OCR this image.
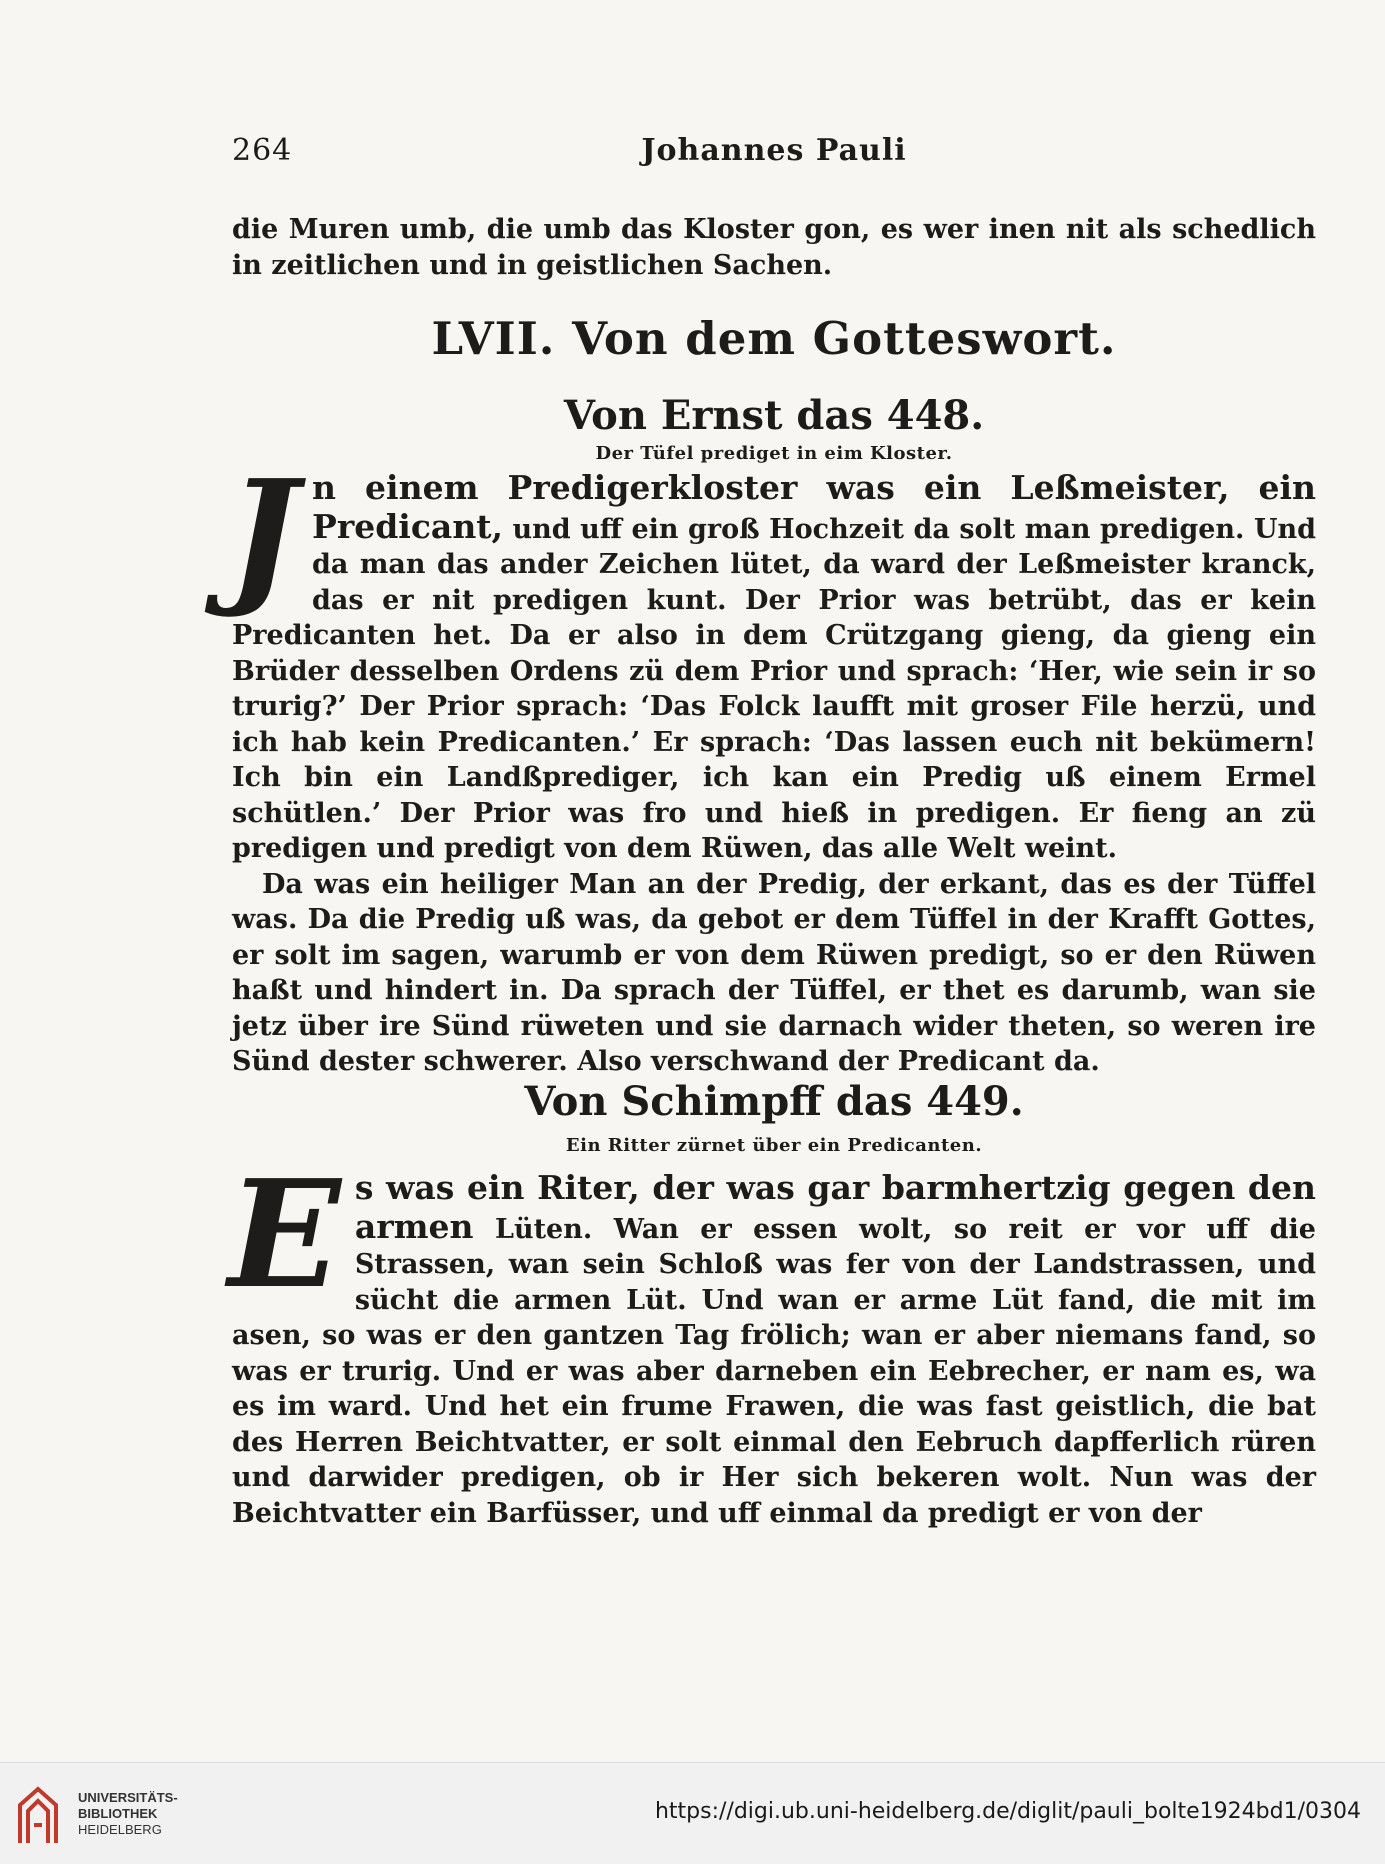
264	Johannes Pauli

die Muren umb, die umb das Kloster gon, es wer inen nit als schedlich in zeitlichen und in geistlichen Sachen.

LVII. Von dem Gotteswort.
Von Ernst das 448.
Der Tüfel prediget in eim Kloster.

J n einem Predigerkloster was ein Leßmeister, ein Predicant, und uff ein groß Hochzeit da solt man predigen. Und da man das ander Zeichen lütet, da ward der Leßmeister kranck, das er nit predigen kunt. Der Prior was betrübt, das er kein Predicanten het. Da er also in dem Crützgang gieng, da gieng ein Brüder desselben Ordens zü dem Prior und sprach: ‘Her, wie sein ir so trurig?’ Der Prior sprach: ‘Das Folck laufft mit groser File herzü, und ich hab kein Predicanten.’ Er sprach: ‘Das lassen euch nit bekümern! Ich bin ein Landßprediger, ich kan ein Predig uß einem Ermel schütlen.’ Der Prior was fro und hieß in predigen. Er fieng an zü predigen und predigt von dem Rüwen, das alle Welt weint.

Da was ein heiliger Man an der Predig, der erkant, das es der Tüffel was. Da die Predig uß was, da gebot er dem Tüffel in der Krafft Gottes, er solt im sagen, warumb er von dem Rüwen predigt, so er den Rüwen haßt und hindert in. Da sprach der Tüffel, er thet es darumb, wan sie jetz über ire Sünd rüweten und sie darnach wider theten, so weren ire Sünd dester schwerer. Also verschwand der Predicant da.

Von Schimpff das 449.
Ein Ritter zürnet über ein Predicanten.

E s was ein Riter, der was gar barmhertzig gegen den armen Lüten. Wan er essen wolt, so reit er vor uff die Strassen, wan sein Schloß was fer von der Landstrassen, und sücht die armen Lüt. Und wan er arme Lüt fand, die mit im asen, so was er den gantzen Tag frölich; wan er aber niemans fand, so was er trurig. Und er was aber darneben ein Eebrecher, er nam es, wa es im ward. Und het ein frume Frawen, die was fast geistlich, die bat des Herren Beichtvatter, er solt einmal den Eebruch dapfferlich rüren und darwider predigen, ob ir Her sich bekeren wolt. Nun was der Beichtvatter ein Barfüsser, und uff einmal da predigt er von der

UNIVERSITÄTS-
BIBLIOTHEK
HEIDELBERG
https://digi.ub.uni-heidelberg.de/diglit/pauli_bolte1924bd1/0304
